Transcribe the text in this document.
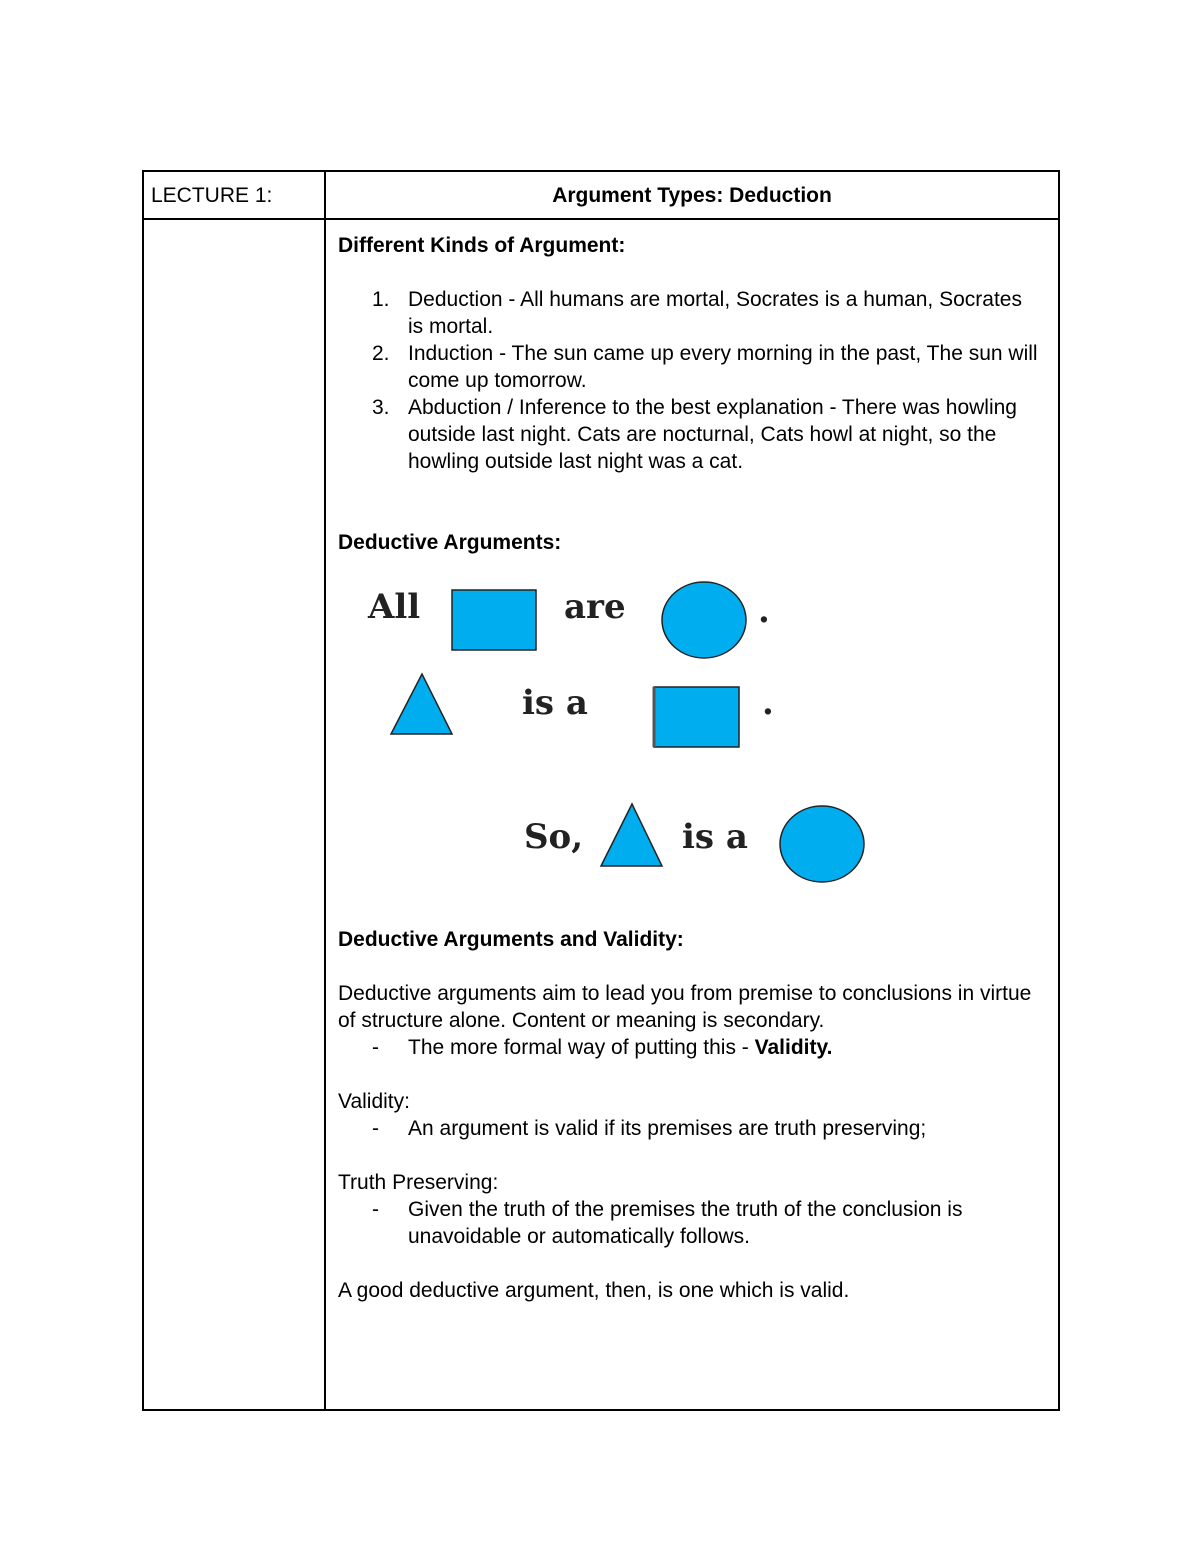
LECTURE 1:	Argument Types: Deduction

Different Kinds of Argument:

1. Deduction - All humans are mortal, Socrates is a human, Socrates is mortal.
2. Induction - The sun came up every morning in the past, The sun will come up tomorrow.
3. Abduction / Inference to the best explanation - There was howling outside last night. Cats are nocturnal, Cats howl at night, so the howling outside last night was a cat.

Deductive Arguments:

All	are	.
is a	.
So,	is a

Deductive Arguments and Validity:

Deductive arguments aim to lead you from premise to conclusions in virtue of structure alone. Content or meaning is secondary.

- The more formal way of putting this - Validity.

Validity:

- An argument is valid if its premises are truth preserving;

Truth Preserving:

- Given the truth of the premises the truth of the conclusion is unavoidable or automatically follows.

A good deductive argument, then, is one which is valid.
